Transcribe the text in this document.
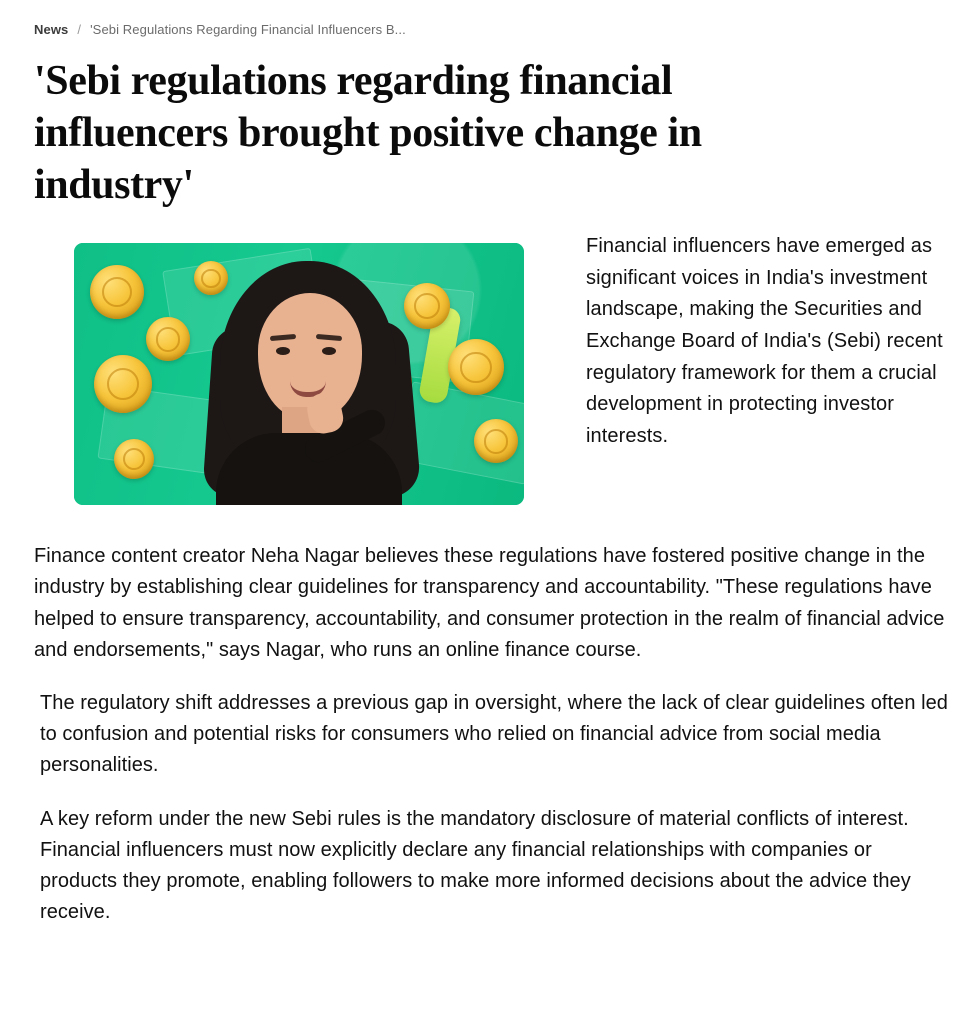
News / 'Sebi Regulations Regarding Financial Influencers B...
'Sebi regulations regarding financial influencers brought positive change in industry'
Financial influencers have emerged as significant voices in India's investment landscape, making the Securities and Exchange Board of India's (Sebi) recent regulatory framework for them a crucial development in protecting investor interests.

Finance content creator Neha Nagar believes these regulations have fostered positive change in the industry by establishing clear guidelines for transparency and accountability. "These regulations have helped to ensure transparency, accountability, and consumer protection in the realm of financial advice and endorsements," says Nagar, who runs an online finance course.

The regulatory shift addresses a previous gap in oversight, where the lack of clear guidelines often led to confusion and potential risks for consumers who relied on financial advice from social media personalities.

A key reform under the new Sebi rules is the mandatory disclosure of material conflicts of interest. Financial influencers must now explicitly declare any financial relationships with companies or products they promote, enabling followers to make more informed decisions about the advice they receive.
